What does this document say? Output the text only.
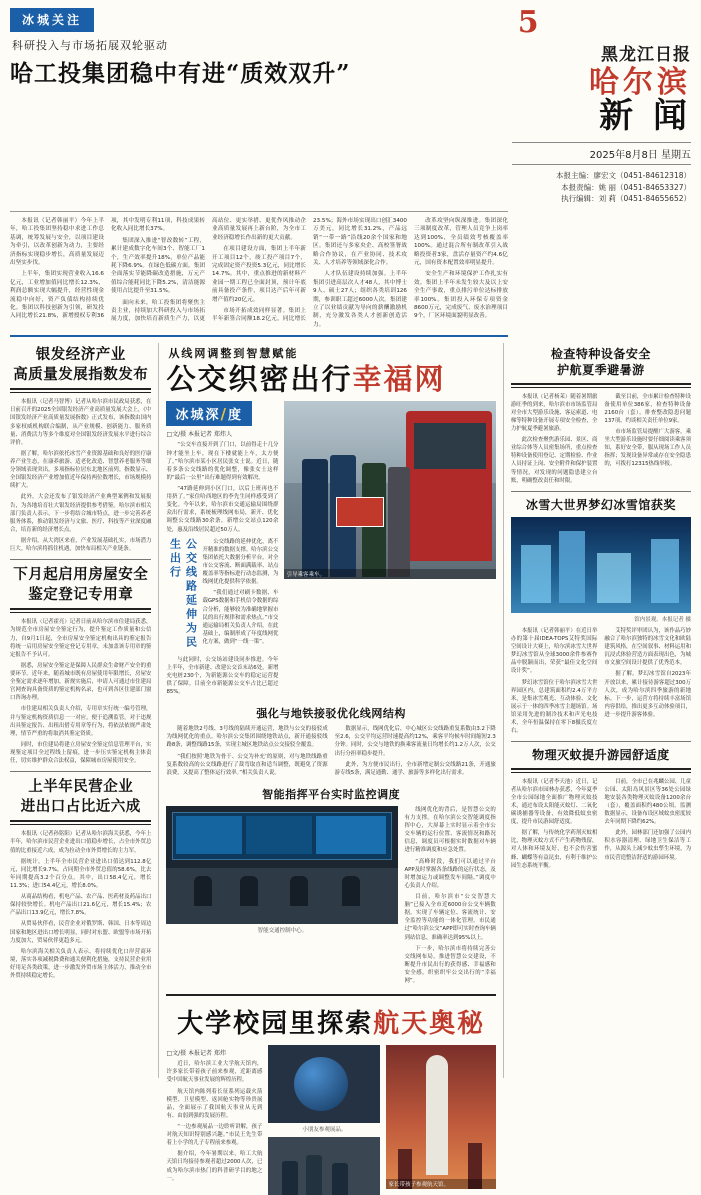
冰城关注
科研投入与市场拓展双轮驱动
哈工投集团稳中有进“质效双升”
5
黑龙江日报
哈尔滨
新 闻
2025年8月8日 星期五
本报主编：廖宏文（0451-84612318）
本报责编：姚 丽（0451-84653327）
执行编辑：刘 莉（0451-84655652）

本报讯（记者韩丽平）今年上半年，哈工投集团坚持稳中求进工作总基调，统筹发展与安全，以项目建设为牵引，以改革创新为动力，主要经济指标实现稳步增长，高质量发展迈出坚实步伐。

上半年，集团实现营业收入16.6亿元，工业增加值同比增长12.3%，利润总额实现大幅提升，经营性现金流稳中向好，资产负债结构持续优化。集团以科技创新为引领，研发投入同比增长21.8%，新增授权专利36项，其中发明专利11项，科技成果转化收入同比增长37%。

集团深入推进“智改数转”工程，累计建成数字化车间3个、智能工厂1个，生产效率提升18%，单位产品能耗下降6.9%。在绿色低碳方面，集团全面落实节能降碳改造措施，万元产值综合能耗同比下降5.2%，清洁能源使用占比提升至31.5%。

面向未来，哈工投集团将聚焦主责主业，持续加大科研投入与市场拓展力度，加快培育新质生产力，以更高站位、更实举措、更优作风推动企业高质量发展再上新台阶，为全市工业经济稳增长作出新的更大贡献。

在项目建设方面，集团上半年新开工项目12个，竣工投产项目7个，完成固定资产投资5.3亿元，同比增长14.7%。其中，重点推进的新材料产业园一期工程已全面封顶，预计年底前具备投产条件，项目达产后年可新增产值约20亿元。

市场开拓成效同样显著。集团上半年新签合同额18.2亿元，同比增长23.5%；海外市场实现出口创汇3400万美元，同比增长31.2%，产品远销“一带一路”沿线20余个国家和地区。集团还与多家央企、高校签署战略合作协议，在产业协同、技术攻关、人才培养等领域深化合作。

人才队伍建设持续加强。上半年集团引进高层次人才48人，其中博士9人、硕士27人；组织各类培训126期，参训职工超过6000人次。集团建立了以业绩贡献为导向的薪酬激励机制，充分激发各类人才创新创造活力。

改革攻坚向纵深推进。集团深化三项制度改革，管理人员竞争上岗率达到100%，全员绩效考核覆盖率100%。通过混合所有制改革引入战略投资者3家，盘活存量资产约4.6亿元，国有资本配置效率明显提升。

安全生产和环境保护工作扎实有效。集团上半年未发生较大及以上安全生产事故，重点排污单位达标排放率100%。集团投入环保专项资金8600万元，完成废气、废水治理项目9个，厂区环境面貌明显改善。

银发经济产业
高质量发展指数发布

本报讯（记者马智博）记者从哈尔滨市民政局获悉，在日前召开的2025全国银发经济产业高质量发展大会上，《中国银发经济产业高质量发展指数》正式发布，该指数由国内多家权威机构联合编制，从产业规模、创新能力、服务质量、消费活力等多个维度对全国银发经济发展水平进行综合评价。

据了解，哈尔滨依托冰雪产业资源基础和良好的医疗康养产业生态，在康养旅游、适老化改造、智慧养老服务等细分领域表现突出，多项指标位居东北地区前列。指数显示，全国银发经济产业增加值近年保持两位数增长，市场规模持续扩大。

此外，大会还发布了银发经济产业典型案例和发展报告，为各地培育壮大银发经济提供参考借鉴。哈尔滨市相关部门负责人表示，下一步将结合城市特点，进一步完善养老服务体系，推动银发经济与文旅、医疗、科技等产业深度融合，培育新的经济增长点。

据介绍，从大湾区来看，产业发展基础扎实，市场潜力巨大。哈尔滨将抓住机遇，加快布局相关产业链条。

下月起启用房屋安全
鉴定登记专用章

本报讯（记者霍亮）记者日前从哈尔滨市住建局获悉，为规范全市房屋安全鉴定行为，提升鉴定工作质量和公信力，自9月1日起，全市房屋安全鉴定机构出具的鉴定报告将统一启用房屋安全鉴定登记专用章，未加盖该专用章的鉴定报告不予认可。

据悉，房屋安全鉴定是保障人民群众生命财产安全的重要环节。近年来，随着城市既有房屋使用年限增长，房屋安全鉴定需求逐年增加。新规实施后，申请人可通过市住建局官网查询具备资质的鉴定机构名录，也可到各区住建部门窗口咨询办理。

市住建局相关负责人介绍，专用章实行统一编号管理，并与鉴定机构资质信息一一对应，便于追溯监管。对于违规出具鉴定报告、出租出借专用章等行为，将依法依规严肃处理，情节严重的将取消其鉴定资质。

同时，市住建局将建立房屋安全鉴定信息管理平台，实现鉴定项目全过程线上留痕，进一步压实鉴定机构主体责任，切实维护群众合法权益，保障城市房屋使用安全。

上半年民营企业
进出口占比近六成

本报讯（记者孙铭阳）记者从哈尔滨海关获悉，今年上半年，哈尔滨市民营企业进出口值稳步增长，占全市外贸总值的比重接近六成，成为拉动全市外贸增长的主力军。

据统计，上半年全市民营企业进出口值达到112.8亿元，同比增长9.7%，占同期全市外贸总值的58.6%，比去年同期提高3.2个百分点。其中，出口58.4亿元，增长11.3%；进口54.4亿元，增长8.0%。

从商品结构看，机电产品、农产品、医药材及药品出口保持较快增长。机电产品出口21.6亿元，增长15.4%；农产品出口13.9亿元，增长7.8%。

从贸易伙伴看，民营企业对俄罗斯、韩国、日本等周边国家和地区进出口增长明显，同时对东盟、欧盟等市场开拓力度加大，贸易伙伴更趋多元。

哈尔滨海关相关负责人表示，将持续优化口岸营商环境，落实各项减税降费和通关便利化措施，支持民营企业用好用足各类政策，进一步激发外贸市场主体活力，推动全市外贸持续稳定增长。

从线网调整到智慧赋能
公交织密出行幸福网
冰城深/度
□文/摄 本报记者 郑炜人

“公交车直接开到了门口，以前得走十几分钟才能坐上车，现在下楼就能上车，太方便了。”哈尔滨市某小区居民张女士说。近日，随着多条公交线路的优化调整，像张女士这样的“最后一公里”出行难题得到有效解决。

“47路延伸到小区门口，以后上班再也不用挤了。”家住哈西地区的李先生同样感受到了变化。今年以来，哈尔滨市交通运输局围绕群众出行需求，系统梳理线网布局，新开、优化调整公交线路30余条，新增公交站点120余处，惠及沿线居民超过50万人。

公交线路延伸为民生出行	公交线路的延伸优化，离不开精准的数据支撑。哈尔滨公交集团依托大数据分析平台，对全市公交客流、断面满载率、站点覆盖率等指标进行动态监测，为线网优化提供科学依据。

“我们通过对刷卡数据、车载GPS数据和手机信令数据的综合分析，能够较为准确地掌握市民的出行规律和需求热点。”市交通运输局相关负责人介绍，在此基础上，编制形成了年度线网优化方案，做到“一线一策”。

与此同时，公交场站建设同步推进。今年上半年，全市新建、改建公交首末站6处，新增充电桩230个，为新能源公交车的稳定运营提供了保障。目前全市新能源公交车占比已超过85%。

引导乘客乘车。
强化与地铁接驳优化线网结构

随着地铁2号线、3号线的陆续开通运营，地铁与公交的接驳成为线网优化的重点。哈尔滨公交集团围绕地铁站点，新开通接驳线路8条，调整线路15条，实现主城区地铁站点公交接驳全覆盖。

“我们按照‘地铁为骨干、公交为补充’的原则，对与地铁线路重复系数较高的公交线路进行了裁弯取直和适当调整，既避免了资源浪费，又提高了整体运行效率。”相关负责人说。

数据显示，线网优化后，中心城区公交线路重复系数由3.2下降至2.6，公交平均运营时速提高约12%，乘客平均候车时间缩短2.3分钟。同时，公交与地铁的换乘客流量日均增长约1.2万人次，公交出行分担率稳步提升。

此外，为方便市民出行，全市新增定制公交线路21条，开通旅游专线5条，满足通勤、通学、旅游等多样化出行需求。

智能指挥平台实时监控调度
智能交通控制中心。

线网优化的背后，是智慧公交的有力支撑。在哈尔滨公交智能调度指挥中心，大屏幕上实时显示着全市公交车辆的运行位置、客流情况和路况信息，调度员可根据实时数据对车辆进行精准调度和应急处置。

“高峰时段，我们可以通过平台APP及时掌握各条线路的运行状态，及时增加运力或调整发车间隔。”调度中心负责人介绍。

目前，哈尔滨市“公交智慧大脑”已接入全市近6000台公交车辆数据，实现了车辆定位、客流统计、安全监控等功能的一体化管理。市民通过“哈尔滨公交”APP即可实时查询车辆到站信息，准确率达到95%以上。

下一步，哈尔滨市将持续完善公交线网布局，推进智慧公交建设，不断提升市民出行的获得感、幸福感和安全感，织密织牢公交出行的“幸福网”。

大学校园里探索航天奥秘
□文/摄 本报记者 郑炜

近日，哈尔滨工业大学航天馆内，许多家长带着孩子前来参观，近距离感受中国航天事业发展的辉煌历程。

航天馆内陈列着长征系列运载火箭模型、卫星模型、返回舱实物等珍贵展品，全面展示了我国航天事业从无到有、由弱到强的发展历程。

“一边参观展品一边聆听讲解，孩子对航天知识特别感兴趣。”市民王先生带着上小学的儿子专程前来参观。

据介绍，今年暑期以来，哈工大航天馆日均接待参观者超过2000人次，已成为哈尔滨市热门的科普研学目的地之一。

小朋友参观展品。
家长带孩子参观航天馆。
检查特种设备安全
护航夏季避暑游

本报讯（记者杨茉）随着暑期旅游旺季的到来，哈尔滨市市场监管局对全市大型游乐设施、客运索道、电梯等特种设备开展专项安全检查，全力护航夏季避暑旅游。

此次检查聚焦游乐园、景区、商业综合体等人员密集场所，重点检查特种设备使用登记、定期检验、作业人员持证上岗、安全附件和保护装置等情况，对发现的问题隐患建立台账，明确整改责任和时限。

截至目前，全市累计检查特种设备使用单位386家，检查特种设备2160台（套），排查整改隐患问题137项，约谈相关责任单位9家。

市市场监管局提醒广大游客，乘坐大型游乐设施时要仔细阅读乘客须知，系好安全带，服从现场工作人员指挥；发现设备异常或存在安全隐患的，可拨打12315热线举报。

冰雪大世界梦幻冰雪馆获奖
馆内景观。本报记者 摄

本报讯（记者韩丽平）在近日举办的第十届IDEA-TOPS艾特奖国际空间设计大赛上，哈尔滨冰雪大世界梦幻冰雪馆从全球3000余件参赛作品中脱颖而出，荣获“最佳文化空间设计奖”。

梦幻冰雪馆位于哈尔滨冰雪大世界园区内，总建筑面积约2.4万平方米，是集冰雪观光、互动体验、文化展示于一体的四季冰雪主题场馆。场馆采用先进的制冷技术和声光电技术，全年恒温保持在零下8摄氏度左右。

艾特奖评审团认为，该作品巧妙融合了哈尔滨独特的冰雪文化和欧陆建筑风格，在空间叙事、材料运用和沉浸式体验营造方面表现出色，为城市文旅空间设计提供了优秀范本。

据了解，梦幻冰雪馆自2023年开放以来，累计接待游客超过300万人次，成为哈尔滨四季旅游的新地标。下一步，运营方将持续丰富场馆内容供给，推出更多互动体验项目，进一步提升游客体验。

物理灭蚊提升游园舒适度

本报讯（记者李天池）近日，记者从哈尔滨市园林办获悉，今年夏季全市公园绿地全面推广物理灭蚊技术，通过布设太阳能灭蚊灯、二氧化碳诱捕器等设备，有效降低蚊虫密度，提升市民游园舒适度。

据了解，与传统化学药剂灭蚊相比，物理灭蚊方式不产生药物残留，对人体和环境友好，也不会伤害蜜蜂、蝴蝶等有益昆虫，有利于维护公园生态系统平衡。

目前，全市已在兆麟公园、儿童公园、太阳岛风景区等36处公园绿地安装各类物理灭蚊设备1200余台（套），覆盖面积约480公顷。监测数据显示，设备布设区域蚊虫密度较去年同期下降约62%。

此外，园林部门还加强了公园内积水容器清理、绿地卫生保洁等工作，从源头上减少蚊虫孳生环境，为市民营造整洁舒适的游园环境。
